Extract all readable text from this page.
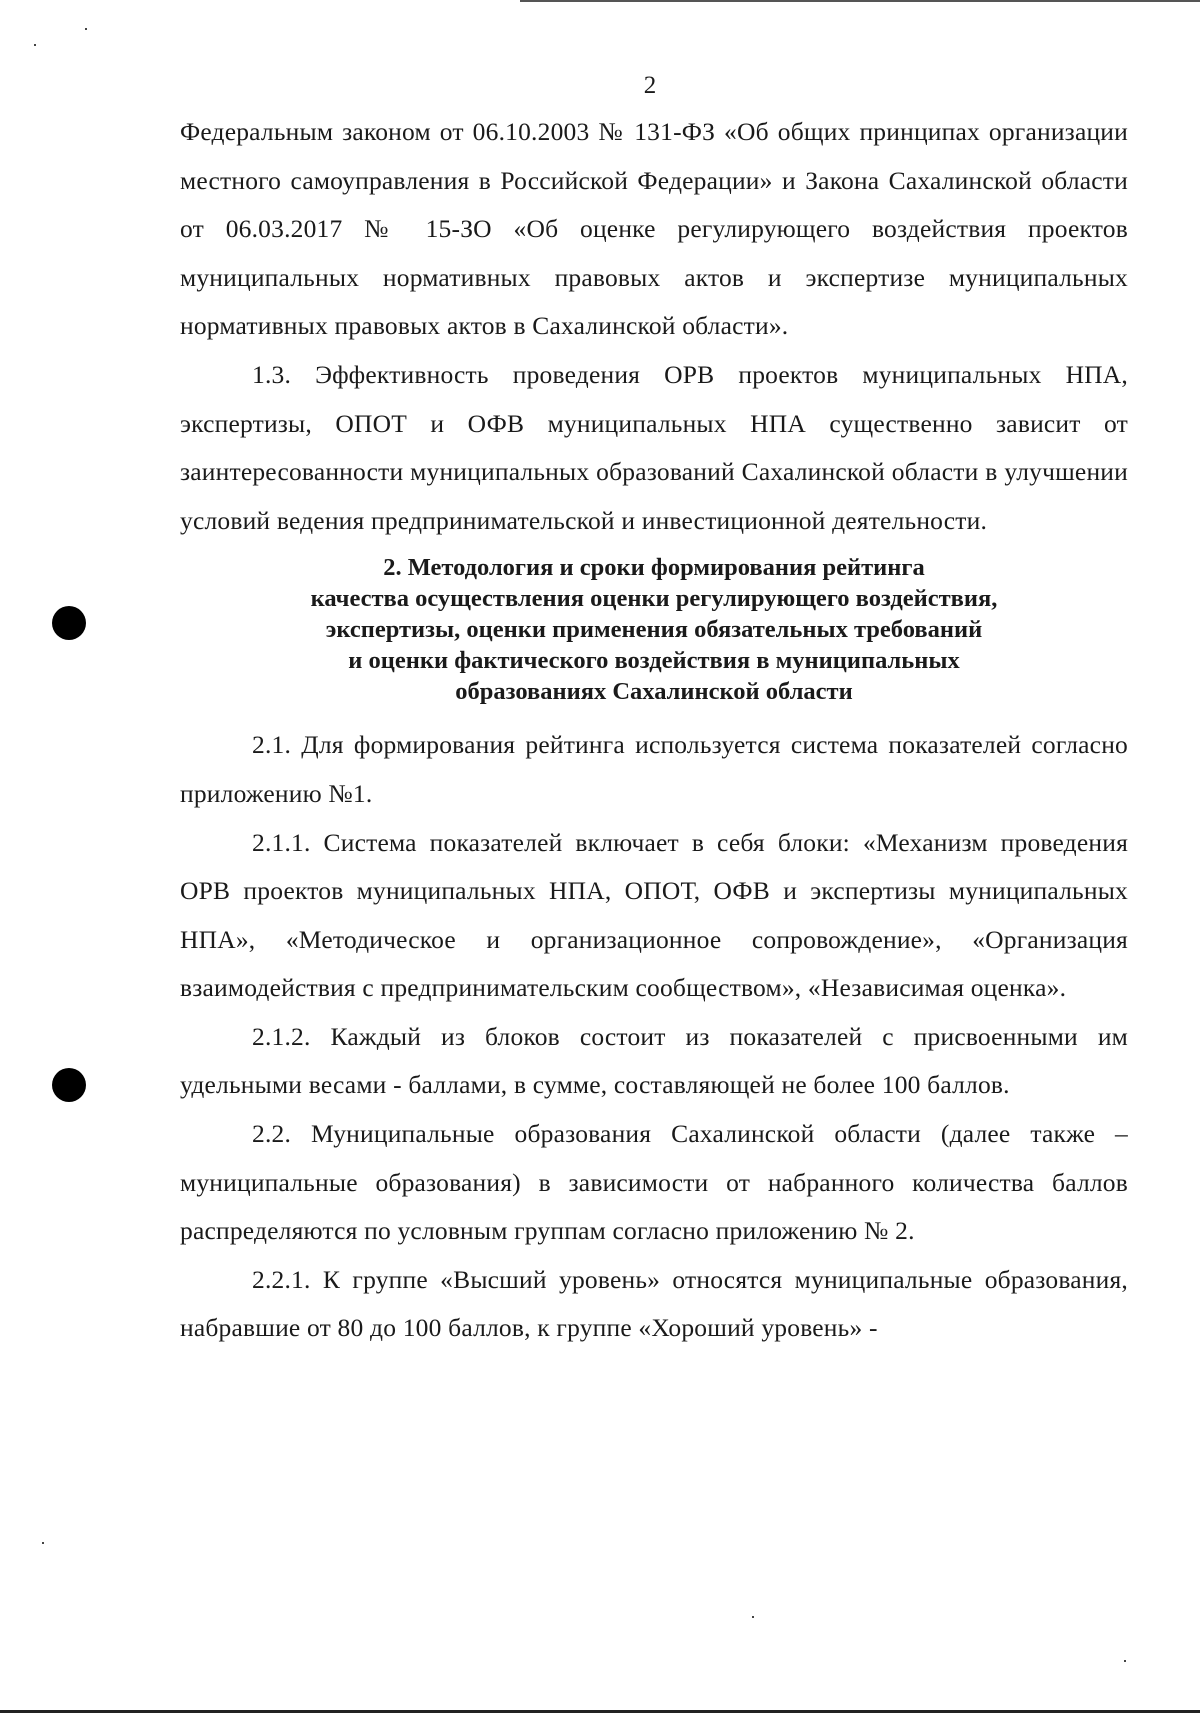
2

Федеральным законом от 06.10.2003 № 131-ФЗ «Об общих принципах организации местного самоуправления в Российской Федерации» и Закона Сахалинской области от 06.03.2017 № 15-ЗО «Об оценке регулирующего воздействия проектов муниципальных нормативных правовых актов и экспертизе муниципальных нормативных правовых актов в Сахалинской области».

1.3. Эффективность проведения ОРВ проектов муниципальных НПА, экспертизы, ОПОТ и ОФВ муниципальных НПА существенно зависит от заинтересованности муниципальных образований Сахалинской области в улучшении условий ведения предпринимательской и инвестиционной деятельности.

2. Методология и сроки формирования рейтинга
качества осуществления оценки регулирующего воздействия,
экспертизы, оценки применения обязательных требований
и оценки фактического воздействия в муниципальных
образованиях Сахалинской области

2.1. Для формирования рейтинга используется система показателей согласно приложению №1.

2.1.1. Система показателей включает в себя блоки: «Механизм проведения ОРВ проектов муниципальных НПА, ОПОТ, ОФВ и экспертизы муниципальных НПА», «Методическое и организационное сопровождение», «Организация взаимодействия с предпринимательским сообществом», «Независимая оценка».

2.1.2. Каждый из блоков состоит из показателей с присвоенными им удельными весами - баллами, в сумме, составляющей не более 100 баллов.

2.2. Муниципальные образования Сахалинской области (далее также – муниципальные образования) в зависимости от набранного количества баллов распределяются по условным группам согласно приложению № 2.

2.2.1. К группе «Высший уровень» относятся муниципальные образования, набравшие от 80 до 100 баллов, к группе «Хороший уровень» -
